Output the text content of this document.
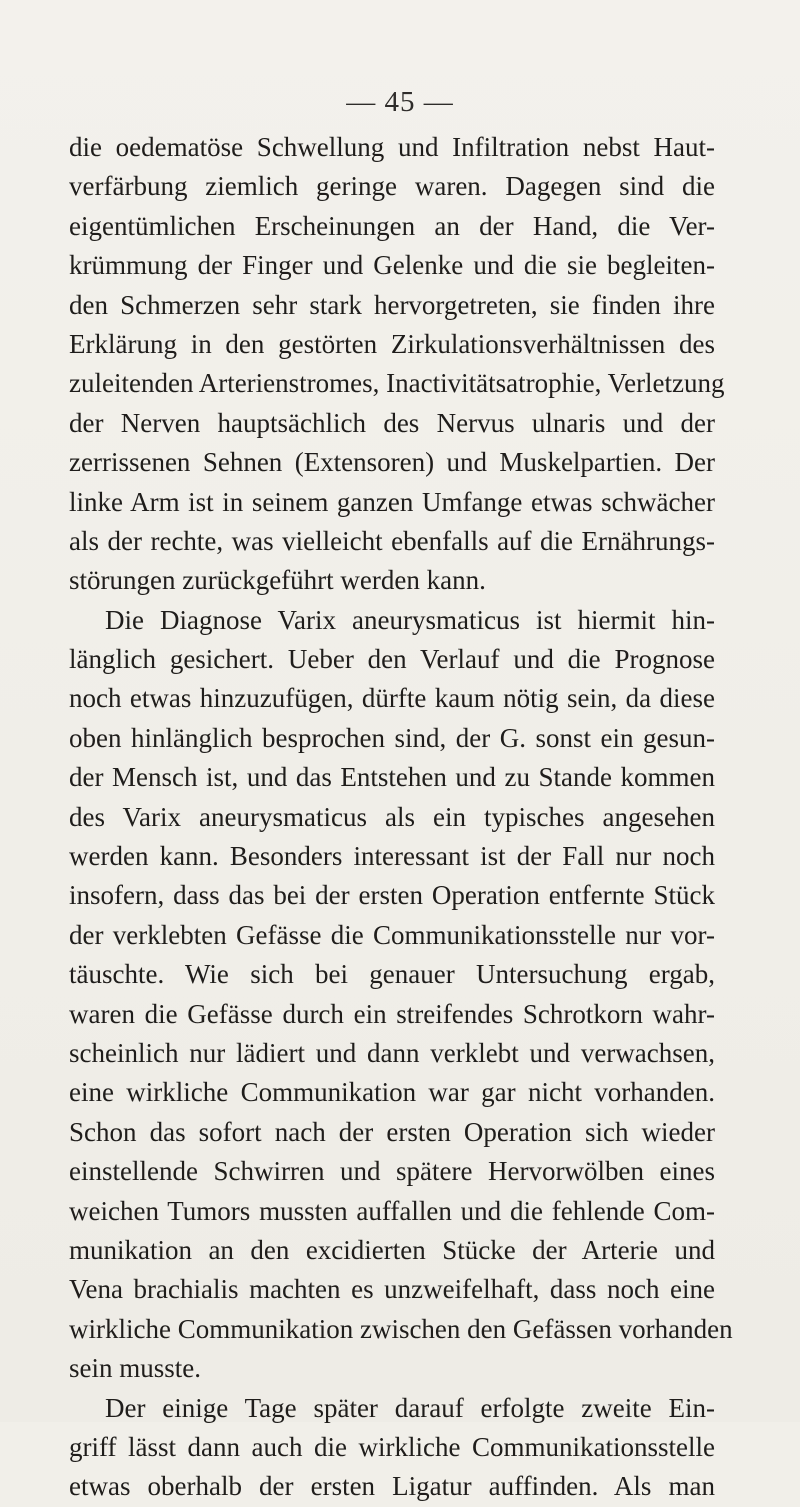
— 45 —
die oedematöse Schwellung und Infiltration nebst Haut-
verfärbung ziemlich geringe waren. Dagegen sind die
eigentümlichen Erscheinungen an der Hand, die Ver-
krümmung der Finger und Gelenke und die sie begleiten-
den Schmerzen sehr stark hervorgetreten, sie finden ihre
Erklärung in den gestörten Zirkulationsverhältnissen des
zuleitenden Arterienstromes, Inactivitätsatrophie, Verletzung
der Nerven hauptsächlich des Nervus ulnaris und der
zerrissenen Sehnen (Extensoren) und Muskelpartien. Der
linke Arm ist in seinem ganzen Umfange etwas schwächer
als der rechte, was vielleicht ebenfalls auf die Ernährungs-
störungen zurückgeführt werden kann.
Die Diagnose Varix aneurysmaticus ist hiermit hin-
länglich gesichert. Ueber den Verlauf und die Prognose
noch etwas hinzuzufügen, dürfte kaum nötig sein, da diese
oben hinlänglich besprochen sind, der G. sonst ein gesun-
der Mensch ist, und das Entstehen und zu Stande kommen
des Varix aneurysmaticus als ein typisches angesehen
werden kann. Besonders interessant ist der Fall nur noch
insofern, dass das bei der ersten Operation entfernte Stück
der verklebten Gefässe die Communikationsstelle nur vor-
täuschte. Wie sich bei genauer Untersuchung ergab,
waren die Gefässe durch ein streifendes Schrotkorn wahr-
scheinlich nur lädiert und dann verklebt und verwachsen,
eine wirkliche Communikation war gar nicht vorhanden.
Schon das sofort nach der ersten Operation sich wieder
einstellende Schwirren und spätere Hervorwölben eines
weichen Tumors mussten auffallen und die fehlende Com-
munikation an den excidierten Stücke der Arterie und
Vena brachialis machten es unzweifelhaft, dass noch eine
wirkliche Communikation zwischen den Gefässen vorhanden
sein musste.
Der einige Tage später darauf erfolgte zweite Ein-
griff lässt dann auch die wirkliche Communikationsstelle
etwas oberhalb der ersten Ligatur auffinden. Als man
